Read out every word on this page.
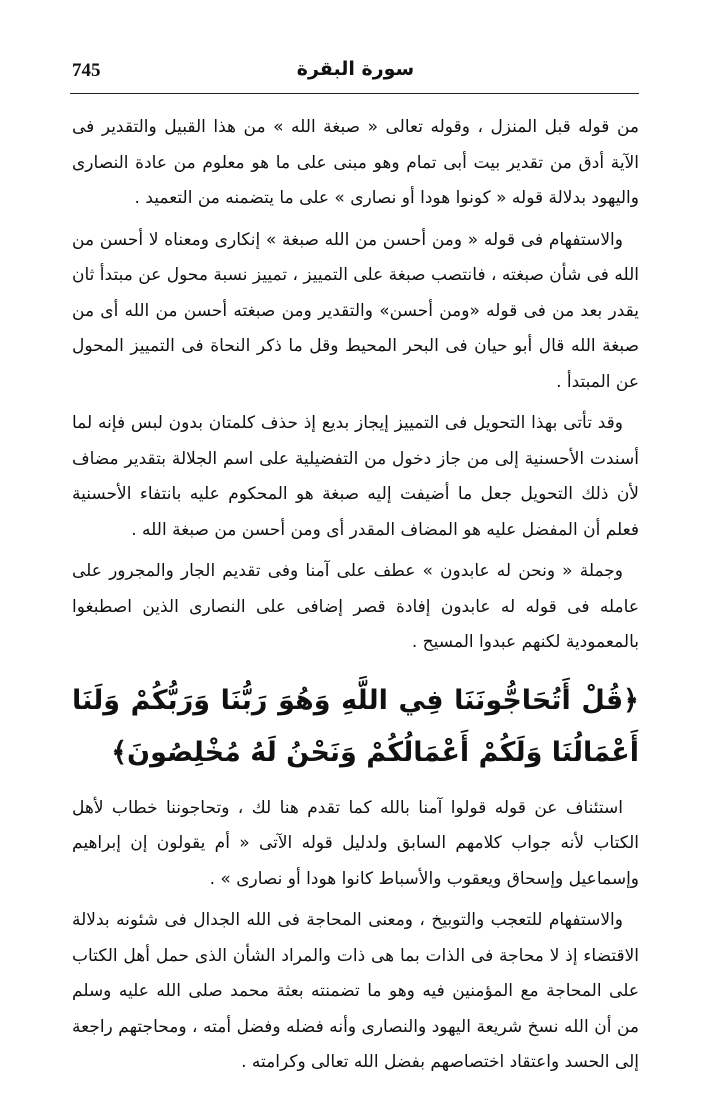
745	سورة البقرة

من قوله قبل المنزل ، وقوله تعالى « صبغة الله » من هذا القبيل والتقدير فى الآية أدق من تقدير بيت أبى تمام وهو مبنى على ما هو معلوم من عادة النصارى واليهود بدلالة قوله « كونوا هودا أو نصارى » على ما يتضمنه من التعميد .

والاستفهام فى قوله « ومن أحسن من الله صبغة » إنكارى ومعناه لا أحسن من الله فى شأن صبغته ، فانتصب صبغة على التمييز ، تمييز نسبة محول عن مبتدأ ثان يقدر بعد من فى قوله «ومن أحسن» والتقدير ومن صبغته أحسن من الله أى من صبغة الله قال أبو حيان فى البحر المحيط وقل ما ذكر النحاة فى التمييز المحول عن المبتدأ .

وقد تأتى بهذا التحويل فى التمييز إيجاز بديع إذ حذف كلمتان بدون لبس فإنه لما أسندت الأحسنية إلى من جاز دخول من التفضيلية على اسم الجلالة بتقدير مضاف لأن ذلك التحويل جعل ما أضيفت إليه صبغة هو المحكوم عليه بانتفاء الأحسنية فعلم أن المفضل عليه هو المضاف المقدر أى ومن أحسن من صبغة الله .

وجملة « ونحن له عابدون » عطف على آمنا وفى تقديم الجار والمجرور على عامله فى قوله له عابدون إفادة قصر إضافى على النصارى الذين اصطبغوا بالمعمودية لكنهم عبدوا المسيح .

﴿قُلْ أَتُحَاجُّونَنَا فِي اللَّهِ وَهُوَ رَبُّنَا وَرَبُّكُمْ وَلَنَا أَعْمَالُنَا وَلَكُمْ أَعْمَالُكُمْ وَنَحْنُ لَهُ مُخْلِصُونَ﴾

استئناف عن قوله قولوا آمنا بالله كما تقدم هنا لك ، وتحاجوننا خطاب لأهل الكتاب لأنه جواب كلامهم السابق ولدليل قوله الآتى « أم يقولون إن إبراهيم وإسماعيل وإسحاق ويعقوب والأسباط كانوا هودا أو نصارى » .

والاستفهام للتعجب والتوبيخ ، ومعنى المحاجة فى الله الجدال فى شئونه بدلالة الاقتضاء إذ لا محاجة فى الذات بما هى ذات والمراد الشأن الذى حمل أهل الكتاب على المحاجة مع المؤمنين فيه وهو ما تضمنته بعثة محمد صلى الله عليه وسلم من أن الله نسخ شريعة اليهود والنصارى وأنه فضله وفضل أمته ، ومحاجتهم راجعة إلى الحسد واعتقاد اختصاصهم بفضل الله تعالى وكرامته .
